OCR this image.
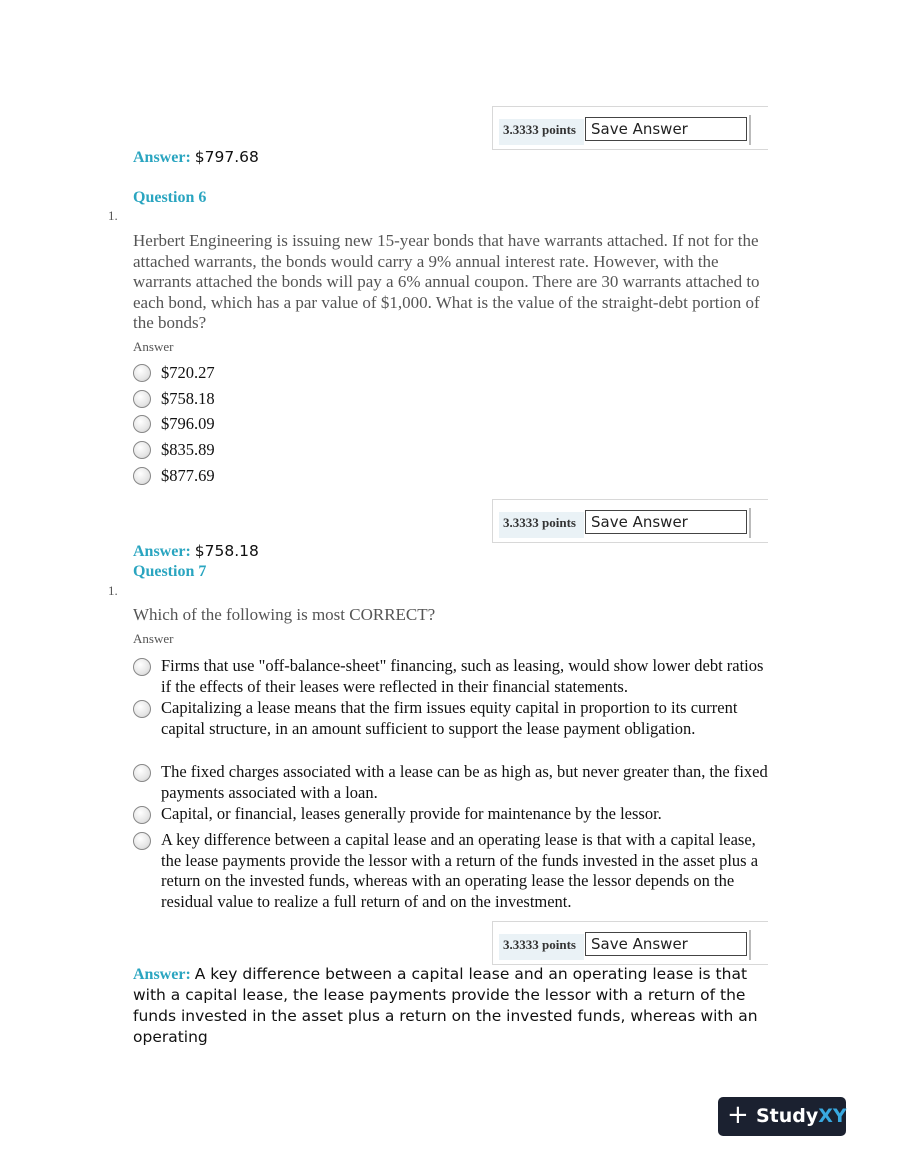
3.3333 points	Save Answer
Answer: $797.68
Question 6
1.
Herbert Engineering is issuing new 15-year bonds that have warrants attached. If not for the attached warrants, the bonds would carry a 9% annual interest rate. However, with the warrants attached the bonds will pay a 6% annual coupon. There are 30 warrants attached to each bond, which has a par value of $1,000. What is the value of the straight-debt portion of the bonds?
Answer
$720.27
$758.18
$796.09
$835.89
$877.69
3.3333 points	Save Answer
Answer: $758.18
Question 7
1.
Which of the following is most CORRECT?
Answer
Firms that use "off-balance-sheet" financing, such as leasing, would show lower debt ratios if the effects of their leases were reflected in their financial statements.
Capitalizing a lease means that the firm issues equity capital in proportion to its current capital structure, in an amount sufficient to support the lease payment obligation.
The fixed charges associated with a lease can be as high as, but never greater than, the fixed payments associated with a loan.
Capital, or financial, leases generally provide for maintenance by the lessor.
A key difference between a capital lease and an operating lease is that with a capital lease, the lease payments provide the lessor with a return of the funds invested in the asset plus a return on the invested funds, whereas with an operating lease the lessor depends on the residual value to realize a full return of and on the investment.
3.3333 points	Save Answer
Answer: A key difference between a capital lease and an operating lease is that with a capital lease, the lease payments provide the lessor with a return of the funds invested in the asset plus a return on the invested funds, whereas with an operating
+ StudyXY
